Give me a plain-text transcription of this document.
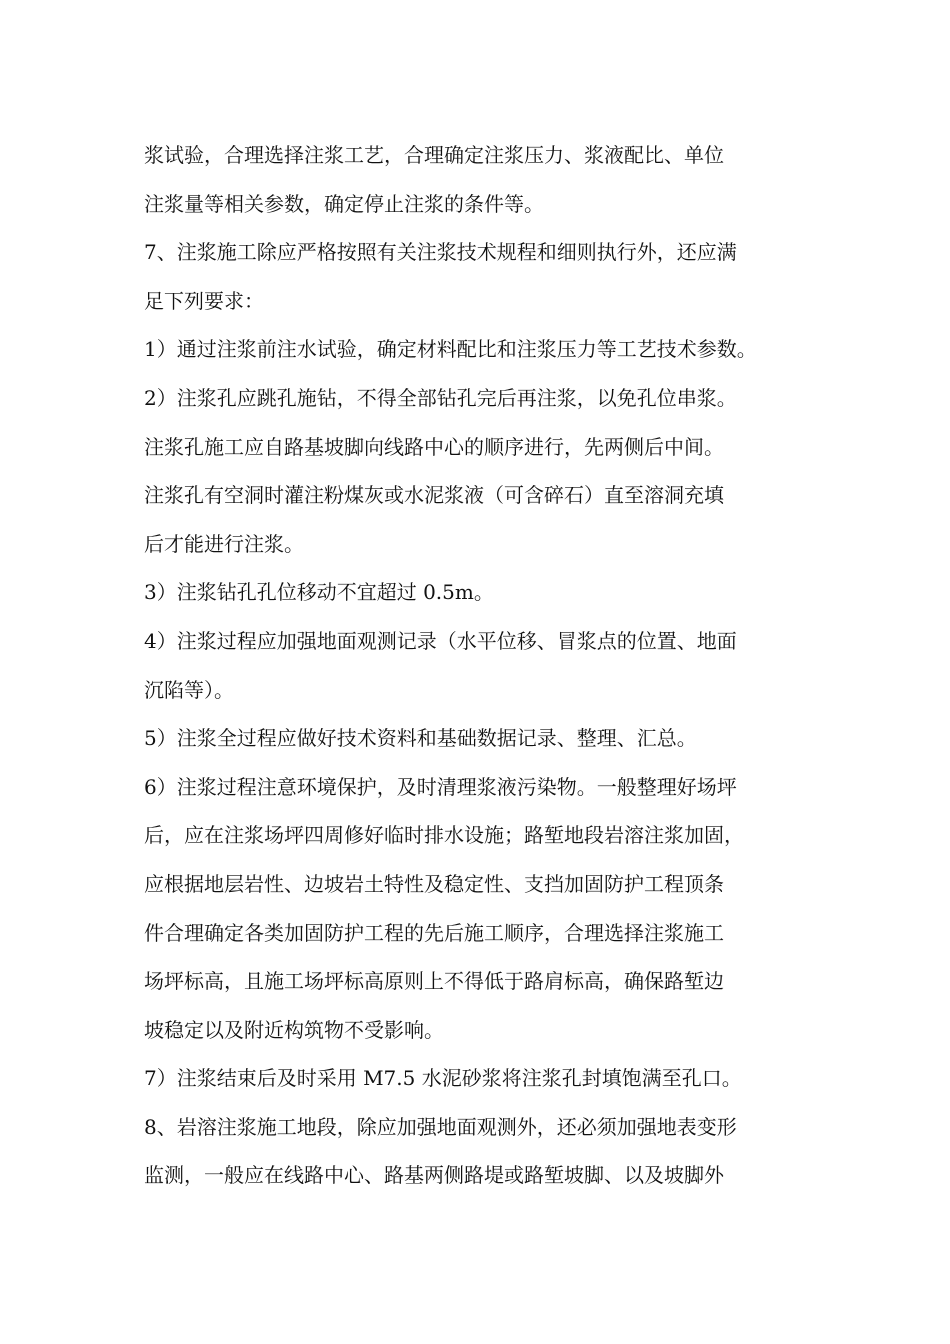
浆试验，合理选择注浆工艺，合理确定注浆压力、浆液配比、单位
注浆量等相关参数，确定停止注浆的条件等。
7、注浆施工除应严格按照有关注浆技术规程和细则执行外，还应满
足下列要求：
1）通过注浆前注水试验，确定材料配比和注浆压力等工艺技术参数。
2）注浆孔应跳孔施钻，不得全部钻孔完后再注浆，以免孔位串浆。
注浆孔施工应自路基坡脚向线路中心的顺序进行，先两侧后中间。
注浆孔有空洞时灌注粉煤灰或水泥浆液（可含碎石）直至溶洞充填
后才能进行注浆。
3）注浆钻孔孔位移动不宜超过 0.5m。
4）注浆过程应加强地面观测记录（水平位移、冒浆点的位置、地面
沉陷等）。
5）注浆全过程应做好技术资料和基础数据记录、整理、汇总。
6）注浆过程注意环境保护，及时清理浆液污染物。一般整理好场坪
后，应在注浆场坪四周修好临时排水设施；路堑地段岩溶注浆加固，
应根据地层岩性、边坡岩土特性及稳定性、支挡加固防护工程顶条
件合理确定各类加固防护工程的先后施工顺序，合理选择注浆施工
场坪标高，且施工场坪标高原则上不得低于路肩标高，确保路堑边
坡稳定以及附近构筑物不受影响。
7）注浆结束后及时采用 M7.5 水泥砂浆将注浆孔封填饱满至孔口。
8、岩溶注浆施工地段，除应加强地面观测外，还必须加强地表变形
监测，一般应在线路中心、路基两侧路堤或路堑坡脚、以及坡脚外
